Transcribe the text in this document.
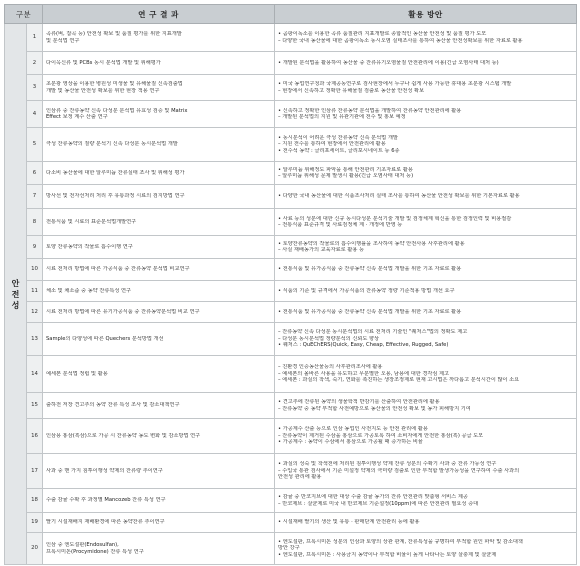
구분		연 구 결 과	활용 방안

안
전
성	1	곡류(벼, 잡곡 등) 안전성 확보 및 품질 평가를 위한 지표개발
및 분석법 연구	• 곰팡이독소를 이용한 곡류 품질관리 지표개발로 종합적인 농산물 안전성 및 품질 평가 도모
– 다양한 국내 농산물에 대한 곰팡이독소 동시오염 실태조사를 통하여 농산물 안전성확보를 위한 자료로 활용

	2	다이옥신류 및 PCBs 동시 분석법 개발 및 위해평가	• 개발된 분석법을 활용하여 농산물 중 잔류유기오염물질 안전관리에 이용(긴급 오염사태 대처 등)

	3	초분광 영상을 이용한 병원성 미생물 및 유해물질 신속검출법
개발 및 농산물 안전성 확보를 위한 현장 적용 연구	• 미국 농업연구청과 국제공동연구로 검사현장에서 누구나 쉽게 사용 가능한 휴대용 초분광 시스템 개발
– 현장에서 신속하고 정확한 유해물질 검출로 농산물 안전성 확보

	4	인삼류 중 잔류농약 신속 다성분 분석법 유효성 검증 및 Matrix
Effect 보정 계수 산출 연구	• 신속하고 정확한 인삼류 잔류농약 분석법을 개발하여 잔류농약 안전관리에 활용
– 개발된 분석법의 지원 및 유관기관에 전수 및 홍보 예정

	5	극성 잔류농약의 질량 분석기 신속 다성분 동시분석법 개발	• 동시분석이 어려운 극성 잔류농약 신속 분석법 개발
– 지원 전수를 통하여 현장에서 안전관리에 활용
• 전수석 농약 : 글리포세이트, 글리포시네이트 등 6종

	6	다소비 농산물에 대한 알루미늄 잔류실태 조사 및 위해성 평가	• 알루미늄 위해정도 파악을 통해 안전관리 기초자료로 활용
– 알루미늄 위해성 문제 발생시 활용(긴급 오염사태 대처 등)

	7	방사선 및 전자선처리 처리 후 유통과정 시료의 검지방법 연구	• 다양한 국내 농산물에 대한 식품조사처리 실태 조사를 통하여 농산물 안전성 확보를 위한 기본자료로 활용

	8	전통식품 및 시료의 표준분석법개발연구	• 사료 등의 성분에 대한 신규 동시다성분 분석기술 개발 및 검정체계 혁신을 통한 검정인력 및 비용절감
– 전통식품 표준규격 및 사료검정체 계 · 개정에 반영 등

	9	토양 잔류농약의 작물로 흡수이행 연구	• 토양잔류농약의 작물로의 흡수이행률을 조사하여 농약 안전사용 사후관리에 활용
– 사실 재배농가의 교육자료로 활용 등

	10	시료 전처리 방법에 따른 가공식품 중 잔류농약 분석법 비교연구	• 전통식품 및 유가공식품 중 잔류농약 신속 분석법 개발을 위한 기초 자료로 활용

	11	체소 및 채소즙 중 농약 잔류특성 연구	• 식품의 기준 및 규격에서 가공식품의 잔류농약 정량 기준적용 방법 개선 요구

	12	시료 전처리 방법에 따른 유기가공식품 중 잔류농약분석법 비교 연구	• 전통식품 및 유가공식품 중 잔류농약 신속 분석법 개발을 위한 기초 자료로 활용

	13	Sample의 다양성에 따른 Quechers 분석방법 개선	– 잔류농약 신속 다성분 동시분석법의 시료 전처리 기술인 "퀘처스"법의 정확도 제고
– 다성분 동시분석법 정량분석의 신뢰도 향상
• 퀘처스 : QuEChERS(Quick, Easy, Cheap, Effective, Rugged, Safe)

	14	예세폰 분석법 정립 및 활용	– 친환경 인증농산물등의 사후관리조사에 활용
– 예세폰의 올바른 사용을 유도하고 무분별한 오용, 남용에 대한 경각심 제고
– 에세폰 : 과실의 착색, 숙기, 연화를 촉진하는 생장조정제로 현재 고시법은 까다롭고 분석시간이 많이 소요

	15	출하전 저장 견고추의 농약 잔류 특성 조사 및 감소대책연구	• 견고추에 잔류된 농약의 생물학적 반감기를 산출하여 안전관리에 활용
– 잔류농약 중 농약 부적합 사전예방으로 농산물의 안전성 확보 및 농가 피해방지 기여

	16	인삼용 홍삼(흑삼)으로 가공 시 잔류농약 농도 변화 및 감소방법 연구	• 가공계수 산출 등으로 인삼 농업인 사전지도 등 안전 관리에 활용
– 잔류농약이 제거된 수삼을 홍삼으로 가공토록 하여 소비자에게 안전한 홍삼(흑) 공급 도모
• 가공계수 : 농약이 수삼에서 홍삼으로 가공될 때 증가하는 비율

	17	사과 중 맨 가지 침투이행성 약제의 잔류량 추이연구	• 과실의 성숙 및 착색전에 처리된 침투이행성 약제 잔류 성분의 수확기 사과 중 잔류 가능성 연구
– 수입국 통관 검사에서 기준 미설정 약제의 극미량 검출로 인한 부적합 발생가능성을 연구하여 수출 사과의
안전성 관리에 활용

	18	수출 감귤 수확 후 과정별 Mancozeb 잔류 특성 연구	• 감귤 중 만코지브에 대한 대상 수출 감귤 농가의 잔류 안전관리 맞춤형 서비스 제공
– 만코제브 : 살균제로 미국 내 만코제브 기준설정(10ppm)에 따른 안전관리 필요성 증대

	19	딸기 시설재배지 재배환경에 따른 농약잔류 추이연구	• 시설재배 딸기의 생산 및 유통 · 판매단계 안전관리 등에 활용

	20	인삼 중 엔도설판(Endosulfan),
프록시미돈(Procymidone) 잔류 특성 연구	• 엔도설판, 프록시미돈 성분의 인삼과 토양의 상관 관계, 잔류특성을 규명하여 부적합 원인 파악 및 감소대책
방안 강구
• 엔도설판, 프록시미돈 : 사용금지 농약이나 부적합 비율이 높게 나타나는 토양 살충제 및 살균제
